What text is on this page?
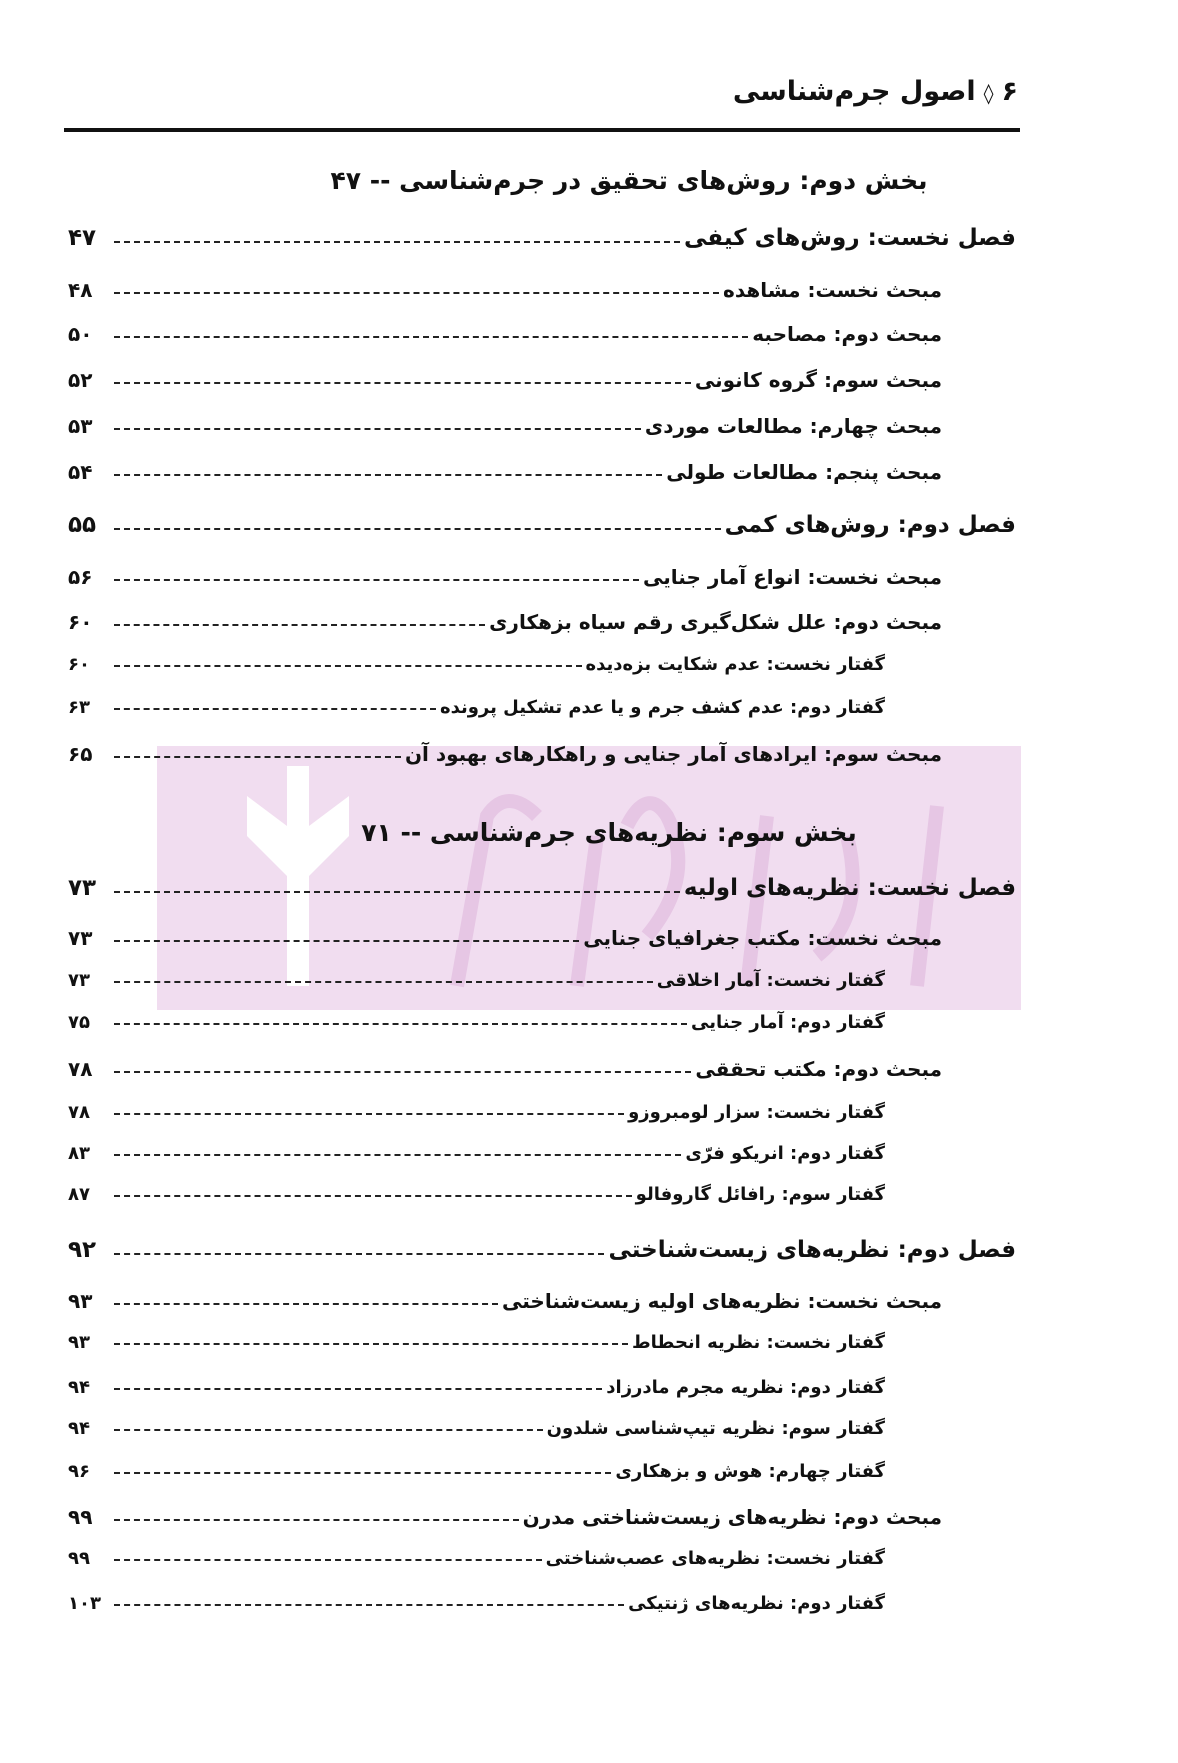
۶◊اصول جرم‌شناسی
بخش دوم: روش‌های تحقیق در جرم‌شناسی -- ۴۷
بخش سوم: نظریه‌های جرم‌شناسی -- ۷۱
فصل نخست: روش‌های کیفی
۴۷
مبحث نخست: مشاهده
۴۸
مبحث دوم: مصاحبه
۵۰
مبحث سوم: گروه کانونی
۵۲
مبحث چهارم: مطالعات موردی
۵۳
مبحث پنجم: مطالعات طولی
۵۴
فصل دوم: روش‌های کمی
۵۵
مبحث نخست: انواع آمار جنایی
۵۶
مبحث دوم: علل شکل‌گیری رقم سیاه بزهکاری
۶۰
گفتار نخست: عدم شکایت بزه‌دیده
۶۰
گفتار دوم: عدم کشف جرم و یا عدم تشکیل پرونده
۶۳
مبحث سوم: ایرادهای آمار جنایی و راهکارهای بهبود آن
۶۵
فصل نخست: نظریه‌های اولیه
۷۳
مبحث نخست: مکتب جغرافیای جنایی
۷۳
گفتار نخست: آمار اخلاقی
۷۳
گفتار دوم: آمار جنایی
۷۵
مبحث دوم: مکتب تحققی
۷۸
گفتار نخست: سزار لومبروزو
۷۸
گفتار دوم: انریکو فرّی
۸۳
گفتار سوم: رافائل گاروفالو
۸۷
فصل دوم: نظریه‌های زیست‌شناختی
۹۲
مبحث نخست: نظریه‌های اولیه زیست‌شناختی
۹۳
گفتار نخست: نظریه انحطاط
۹۳
گفتار دوم: نظریه مجرم مادرزاد
۹۴
گفتار سوم: نظریه تیپ‌شناسی شلدون
۹۴
گفتار چهارم: هوش و بزهکاری
۹۶
مبحث دوم: نظریه‌های زیست‌شناختی مدرن
۹۹
گفتار نخست: نظریه‌های عصب‌شناختی
۹۹
گفتار دوم: نظریه‌های ژنتیکی
۱۰۳
